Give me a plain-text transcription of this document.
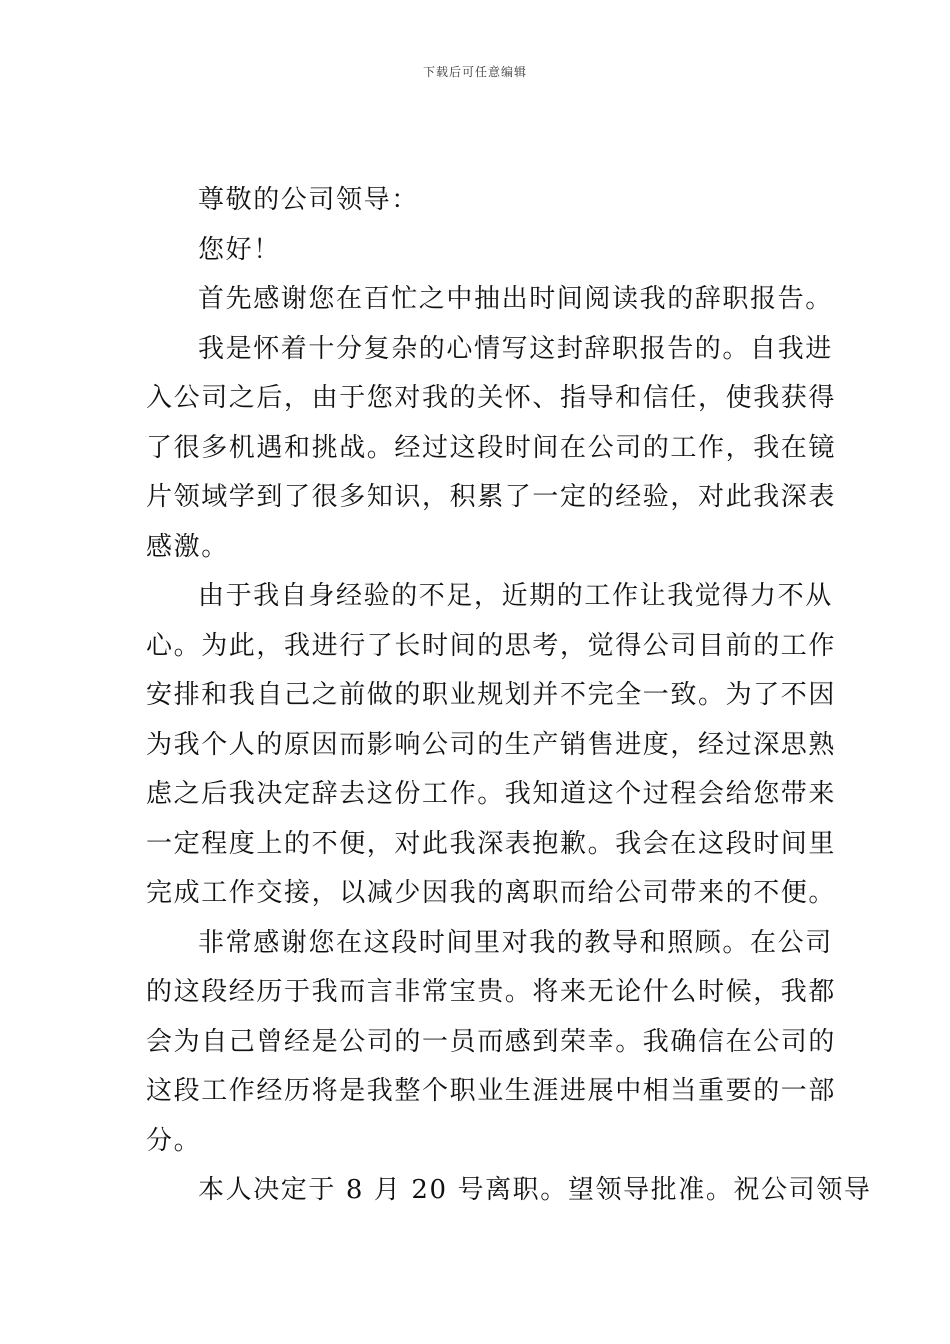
下载后可任意编辑
尊敬的公司领导：
您好！
首先感谢您在百忙之中抽出时间阅读我的辞职报告。
我是怀着十分复杂的心情写这封辞职报告的。自我进
入公司之后，由于您对我的关怀、指导和信任，使我获得
了很多机遇和挑战。经过这段时间在公司的工作，我在镜
片领域学到了很多知识，积累了一定的经验，对此我深表
感激。
由于我自身经验的不足，近期的工作让我觉得力不从
心。为此，我进行了长时间的思考，觉得公司目前的工作
安排和我自己之前做的职业规划并不完全一致。为了不因
为我个人的原因而影响公司的生产销售进度，经过深思熟
虑之后我决定辞去这份工作。我知道这个过程会给您带来
一定程度上的不便，对此我深表抱歉。我会在这段时间里
完成工作交接，以减少因我的离职而给公司带来的不便。
非常感谢您在这段时间里对我的教导和照顾。在公司
的这段经历于我而言非常宝贵。将来无论什么时候，我都
会为自己曾经是公司的一员而感到荣幸。我确信在公司的
这段工作经历将是我整个职业生涯进展中相当重要的一部
分。
本人决定于 8 月 20 号离职。望领导批准。祝公司领导
